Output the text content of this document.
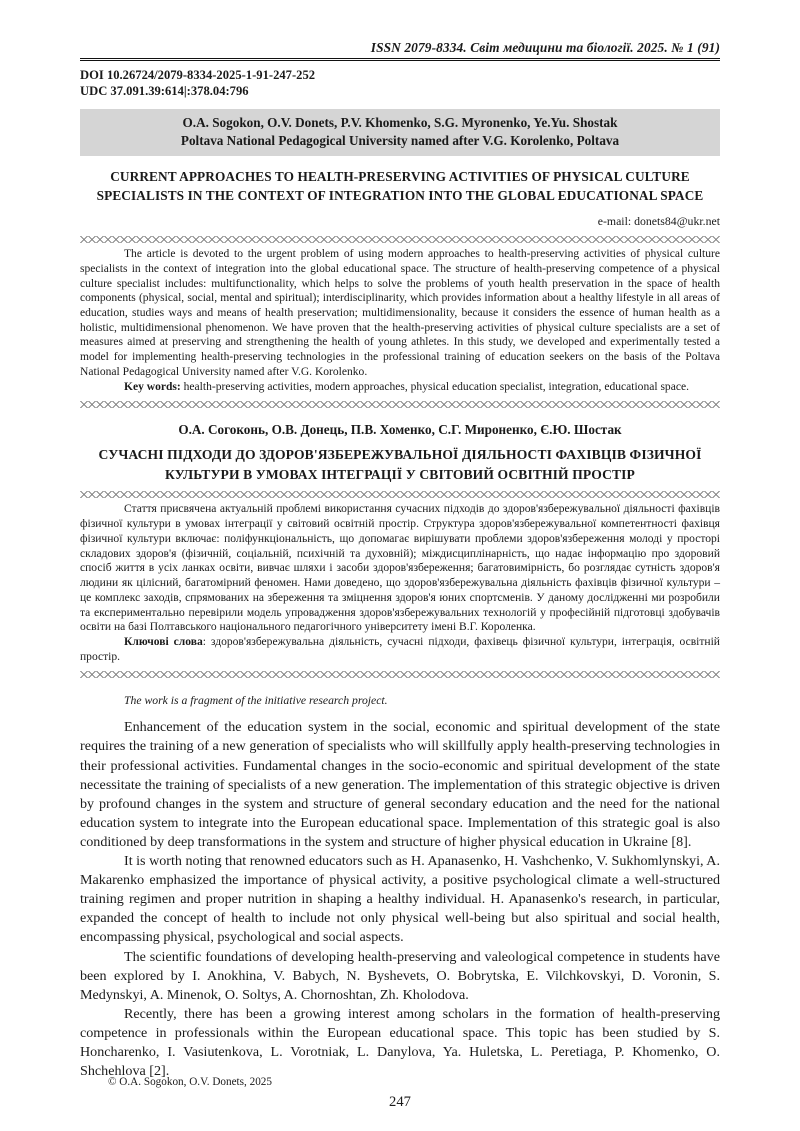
ISSN 2079-8334. Світ медицини та біології. 2025. № 1 (91)
DOI 10.26724/2079-8334-2025-1-91-247-252
UDC 37.091.39:614|:378.04:796
O.A. Sogokon, O.V. Donets, P.V. Khomenko, S.G. Myronenko, Ye.Yu. Shostak
Poltava National Pedagogical University named after V.G. Korolenko, Poltava
CURRENT APPROACHES TO HEALTH-PRESERVING ACTIVITIES OF PHYSICAL CULTURE SPECIALISTS IN THE CONTEXT OF INTEGRATION INTO THE GLOBAL EDUCATIONAL SPACE
e-mail: donets84@ukr.net

The article is devoted to the urgent problem of using modern approaches to health-preserving activities of physical culture specialists in the context of integration into the global educational space. The structure of health-preserving competence of a physical culture specialist includes: multifunctionality, which helps to solve the problems of youth health preservation in the space of health components (physical, social, mental and spiritual); interdisciplinarity, which provides information about a healthy lifestyle in all areas of education, studies ways and means of health preservation; multidimensionality, because it considers the essence of human health as a holistic, multidimensional phenomenon. We have proven that the health-preserving activities of physical culture specialists are a set of measures aimed at preserving and strengthening the health of young athletes. In this study, we developed and experimentally tested a model for implementing health-preserving technologies in the professional training of education seekers on the basis of the Poltava National Pedagogical University named after V.G. Korolenko.

Key words: health-preserving activities, modern approaches, physical education specialist, integration, educational space.

О.А. Согоконь, О.В. Донець, П.В. Хоменко, С.Г. Мироненко, Є.Ю. Шостак
СУЧАСНІ ПІДХОДИ ДО ЗДОРОВ'ЯЗБЕРЕЖУВАЛЬНОЇ ДІЯЛЬНОСТІ ФАХІВЦІВ ФІЗИЧНОЇ КУЛЬТУРИ В УМОВАХ ІНТЕГРАЦІЇ У СВІТОВИЙ ОСВІТНІЙ ПРОСТІР

Стаття присвячена актуальній проблемі використання сучасних підходів до здоров'язбережувальної діяльності фахівців фізичної культури в умовах інтеграції у світовий освітній простір. Структура здоров'язбережувальної компетентності фахівця фізичної культури включає: поліфункціональність, що допомагає вирішувати проблеми здоров'язбереження молоді у просторі складових здоров'я (фізичній, соціальній, психічній та духовній); міждисциплінарність, що надає інформацію про здоровий спосіб життя в усіх ланках освіти, вивчає шляхи і засоби здоров'язбереження; багатовимірність, бо розглядає сутність здоров'я людини як цілісний, багатомірний феномен. Нами доведено, що здоров'язбережувальна діяльність фахівців фізичної культури – це комплекс заходів, спрямованих на збереження та зміцнення здоров'я юних спортсменів. У даному дослідженні ми розробили та експериментально перевірили модель упровадження здоров'язбережувальних технологій у професійній підготовці здобувачів освіти на базі Полтавського національного педагогічного університету імені В.Г. Короленка.

Ключові слова: здоров'язбережувальна діяльність, сучасні підходи, фахівець фізичної культури, інтеграція, освітній простір.

The work is a fragment of the initiative research project.

Enhancement of the education system in the social, economic and spiritual development of the state requires the training of a new generation of specialists who will skillfully apply health-preserving technologies in their professional activities. Fundamental changes in the socio-economic and spiritual development of the state necessitate the training of specialists of a new generation. The implementation of this strategic objective is driven by profound changes in the system and structure of general secondary education and the need for the national education system to integrate into the European educational space. Implementation of this strategic goal is also conditioned by deep transformations in the system and structure of higher physical education in Ukraine [8].

It is worth noting that renowned educators such as H. Apanasenko, H. Vashchenko, V. Sukhomlynskyi, A. Makarenko emphasized the importance of physical activity, a positive psychological climate a well-structured training regimen and proper nutrition in shaping a healthy individual. H. Apanasenko's research, in particular, expanded the concept of health to include not only physical well-being but also spiritual and social health, encompassing physical, psychological and social aspects.

The scientific foundations of developing health-preserving and valeological competence in students have been explored by I. Anokhina, V. Babych, N. Byshevets, O. Bobrytska, E. Vilchkovskyi, D. Voronin, S. Medynskyi, A. Minenok, O. Soltys, A. Chornoshtan, Zh. Kholodova.

Recently, there has been a growing interest among scholars in the formation of health-preserving competence in professionals within the European educational space. This topic has been studied by S. Honcharenko, I. Vasiutenkova, L. Vorotniak, L. Danylova, Ya. Huletska, L. Peretiaga, P. Khomenko, O. Shchehlova [2].

© O.A. Sogokon, O.V. Donets, 2025
247
